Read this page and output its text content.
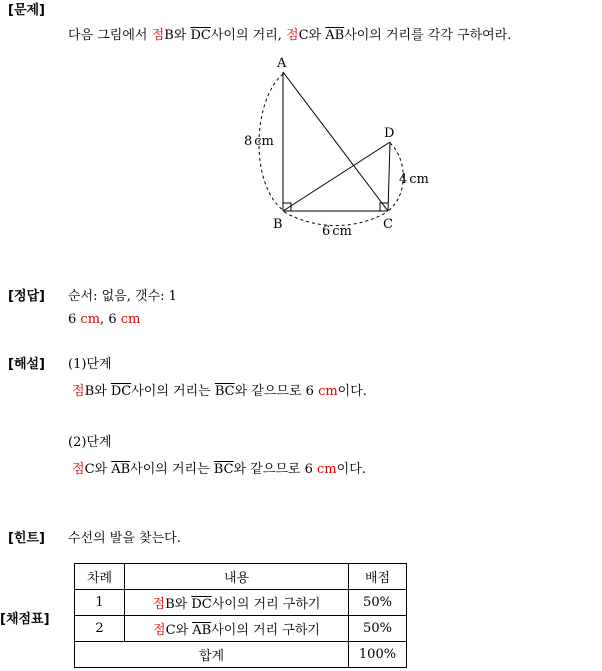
[문제]
[정답]
[해설]
[힌트]
[채점표]
다음 그림에서 점B와 $\overline{DC}$사이의 거리, 점C와 $\overline{AB}$사이의 거리를 각각 구하여라.
A
B	C
D
8 cm
4 cm
6 cm
순서: 없음, 갯수: 1
6 cm, 6 cm
(1)단계
점B와 $\overline{DC}$사이의 거리는 $\overline{BC}$와 같으므로 6 cm이다.
(2)단계
점C와 $\overline{AB}$사이의 거리는 $\overline{BC}$와 같으므로 6 cm이다.
수선의 발을 찾는다.
차례	내용	배점
1	점B와 $\overline{DC}$사이의 거리 구하기	50%
2	점C와 $\overline{AB}$사이의 거리 구하기	50%
합계		100%
